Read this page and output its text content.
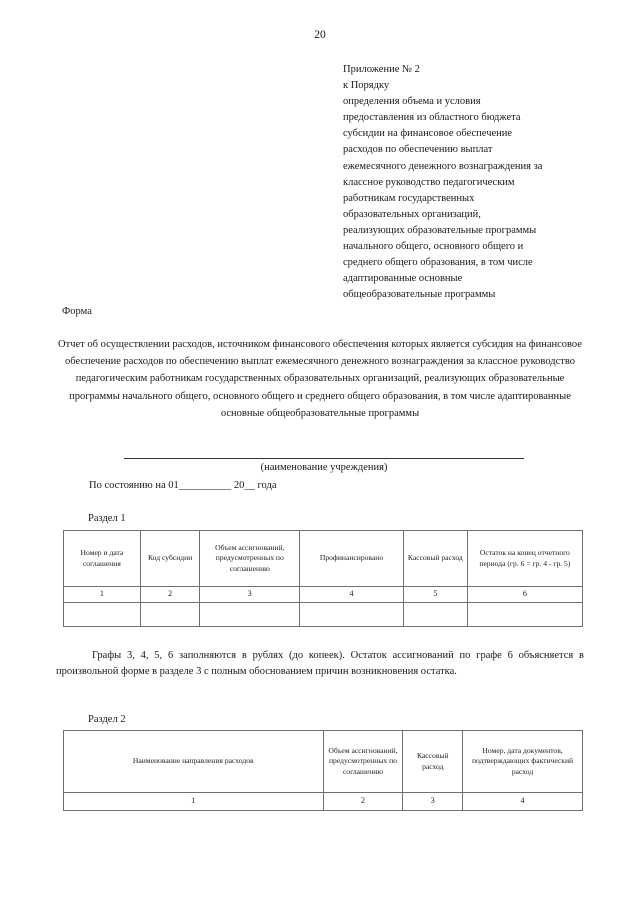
20
Приложение № 2
к Порядку
определения объема и условия
предоставления из областного бюджета
субсидии на финансовое обеспечение
расходов по обеспечению выплат
ежемесячного денежного вознаграждения за
классное руководство педагогическим
работникам государственных
образовательных организаций,
реализующих образовательные программы
начального общего, основного общего и
среднего общего образования, в том числе
адаптированные основные
общеобразовательные программы
Форма
Отчет об осуществлении расходов, источником финансового обеспечения которых является субсидия на финансовое обеспечение расходов по обеспечению выплат ежемесячного денежного вознаграждения за классное руководство педагогическим работникам государственных образовательных организаций, реализующих образовательные программы начального общего, основного общего и среднего общего образования, в том числе адаптированные основные общеобразовательные программы
(наименование учреждения)
По состоянию на 01__________ 20__ года
Раздел 1
Номер и дата соглашения	Код субсидии	Объем ассигнований, предусмотренных по соглашению	Профинансировано	Кассовый расход	Остаток на конец отчетного периода (гр. 6 = гр. 4 - гр. 5)
1	2	3	4	5	6

Графы 3, 4, 5, 6 заполняются в рублях (до копеек). Остаток ассигнований по графе 6 объясняется в произвольной форме в разделе 3 с полным обоснованием причин возникновения остатка.
Раздел 2
Наименование направления расходов	Объем ассигнований, предусмотренных по соглашению	Кассовый расход	Номер, дата документов, подтверждающих фактический расход
1	2	3	4
